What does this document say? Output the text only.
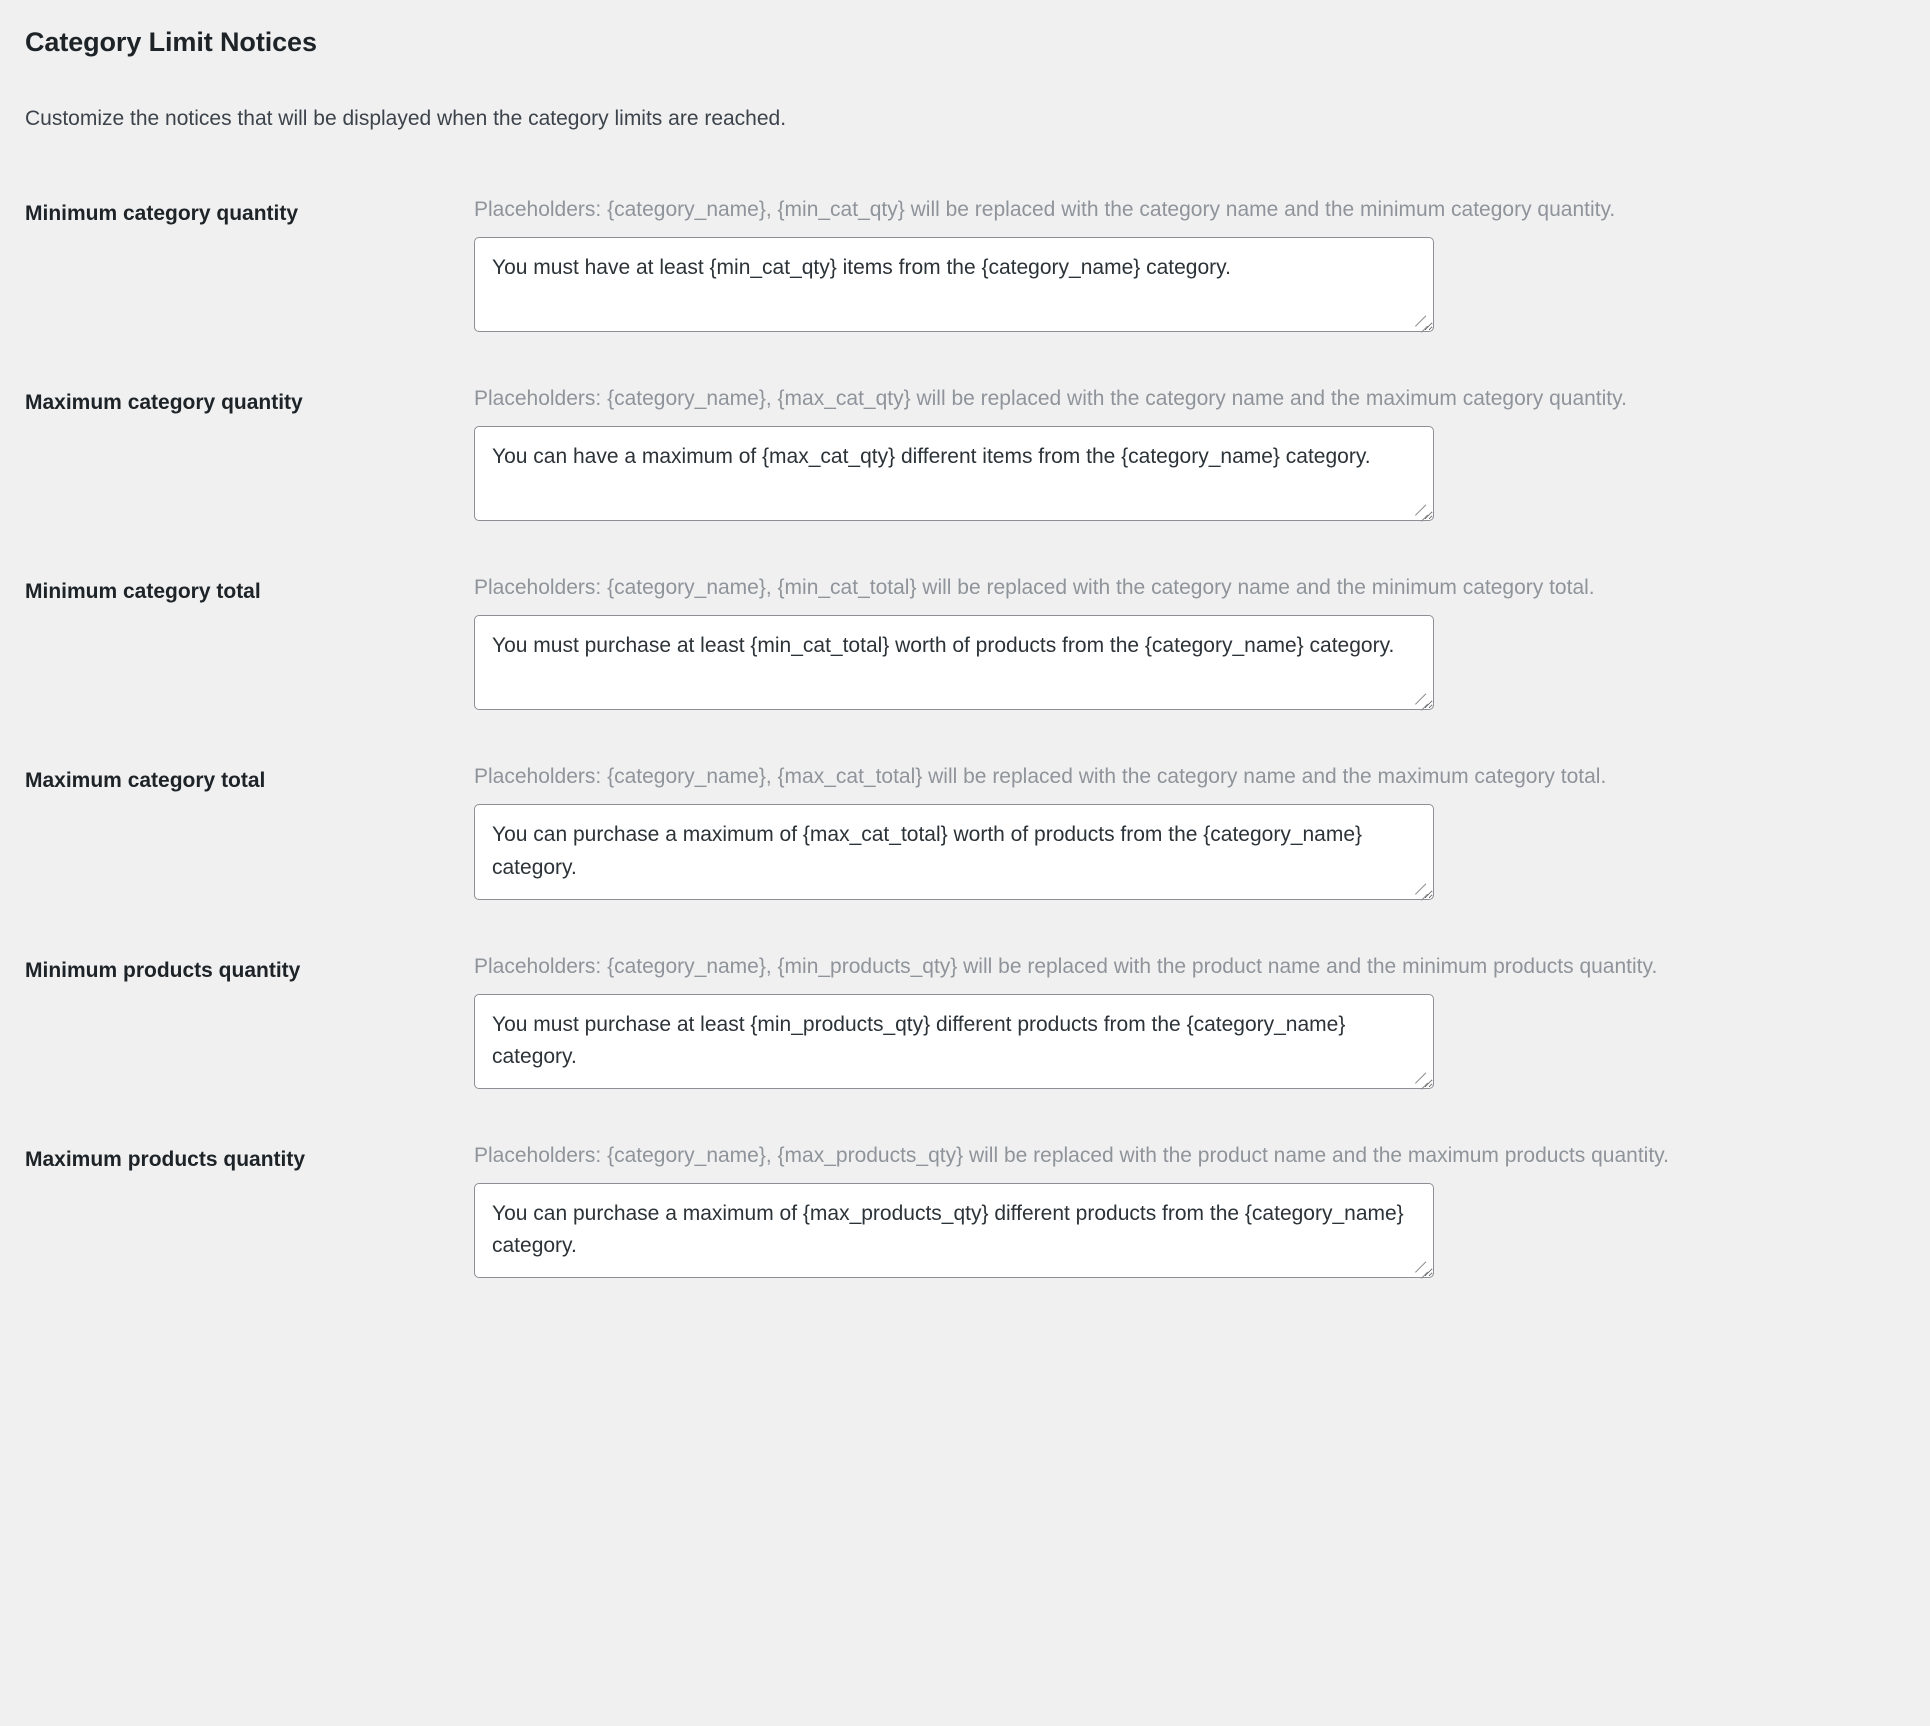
Category Limit Notices

Customize the notices that will be displayed when the category limits are reached.

Minimum category quantity	Placeholders: {category_name}, {min_cat_qty} will be replaced with the category name and the minimum category quantity.
You must have at least {min_cat_qty} items from the {category_name} category.
Maximum category quantity	Placeholders: {category_name}, {max_cat_qty} will be replaced with the category name and the maximum category quantity.
You can have a maximum of {max_cat_qty} different items from the {category_name} category.
Minimum category total	Placeholders: {category_name}, {min_cat_total} will be replaced with the category name and the minimum category total.
You must purchase at least {min_cat_total} worth of products from the {category_name} category.
Maximum category total	Placeholders: {category_name}, {max_cat_total} will be replaced with the category name and the maximum category total.
You can purchase a maximum of {max_cat_total} worth of products from the {category_name} category.
Minimum products quantity	Placeholders: {category_name}, {min_products_qty} will be replaced with the product name and the minimum products quantity.
You must purchase at least {min_products_qty} different products from the {category_name} category.
Maximum products quantity	Placeholders: {category_name}, {max_products_qty} will be replaced with the product name and the maximum products quantity.
You can purchase a maximum of {max_products_qty} different products from the {category_name} category.
